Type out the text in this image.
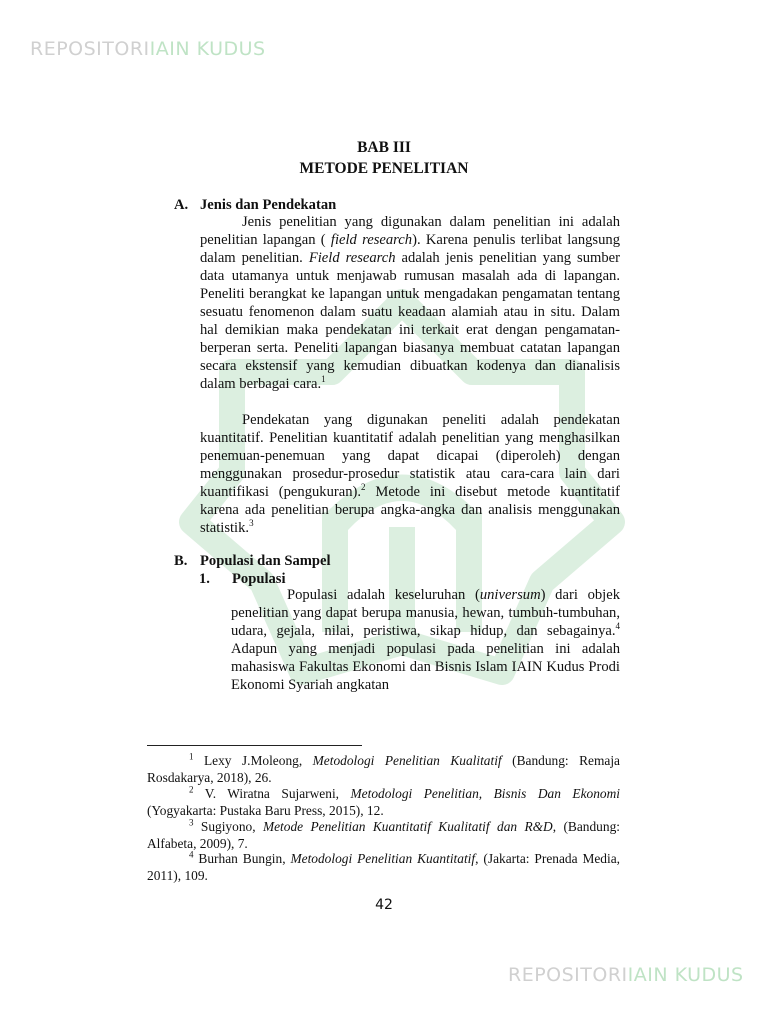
REPOSITORIIAIN KUDUS
BAB III
METODE PENELITIAN
A. Jenis dan Pendekatan
Jenis penelitian yang digunakan dalam penelitian ini adalah penelitian lapangan ( field research). Karena penulis terlibat langsung dalam penelitian. Field research adalah jenis penelitian yang sumber data utamanya untuk menjawab rumusan masalah ada di lapangan. Peneliti berangkat ke lapangan untuk mengadakan pengamatan tentang sesuatu fenomenon dalam suatu keadaan alamiah atau in situ. Dalam hal demikian maka pendekatan ini terkait erat dengan pengamatan-berperan serta. Peneliti lapangan biasanya membuat catatan lapangan secara ekstensif yang kemudian dibuatkan kodenya dan dianalisis dalam berbagai cara.$^1$
Pendekatan yang digunakan peneliti adalah pendekatan kuantitatif. Penelitian kuantitatif adalah penelitian yang menghasilkan penemuan-penemuan yang dapat dicapai (diperoleh) dengan menggunakan prosedur-prosedur statistik atau cara-cara lain dari kuantifikasi (pengukuran).$^2$ Metode ini disebut metode kuantitatif karena ada penelitian berupa angka-angka dan analisis menggunakan statistik.$^3$
B. Populasi dan Sampel
1. Populasi
Populasi adalah keseluruhan (universum) dari objek penelitian yang dapat berupa manusia, hewan, tumbuh-tumbuhan, udara, gejala, nilai, peristiwa, sikap hidup, dan sebagainya.$^4$ Adapun yang menjadi populasi pada penelitian ini adalah mahasiswa Fakultas Ekonomi dan Bisnis Islam IAIN Kudus Prodi Ekonomi Syariah angkatan
$^1$ Lexy J.Moleong, Metodologi Penelitian Kualitatif (Bandung: Remaja Rosdakarya, 2018), 26.
$^2$ V. Wiratna Sujarweni, Metodologi Penelitian, Bisnis Dan Ekonomi (Yogyakarta: Pustaka Baru Press, 2015), 12.
$^3$ Sugiyono, Metode Penelitian Kuantitatif Kualitatif dan R&D, (Bandung: Alfabeta, 2009), 7.
$^4$ Burhan Bungin, Metodologi Penelitian Kuantitatif, (Jakarta: Prenada Media, 2011), 109.
42
REPOSITORIIAIN KUDUS
